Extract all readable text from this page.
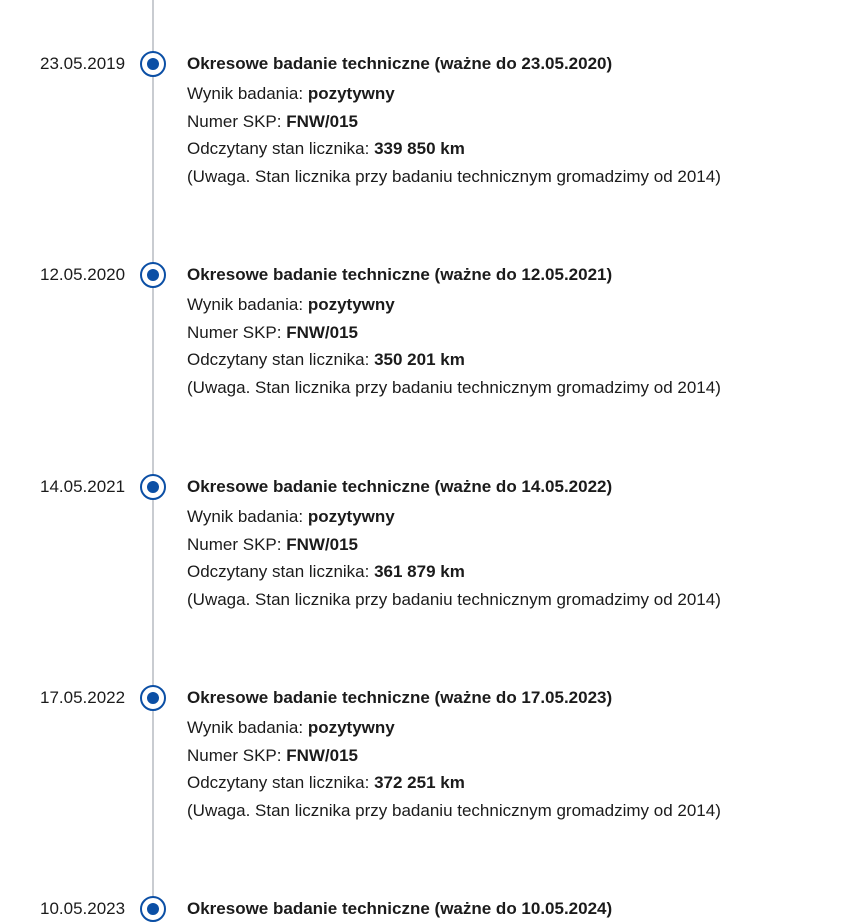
23.05.2019	Okresowe badanie techniczne (ważne do 23.05.2020)
Wynik badania: pozytywny
Numer SKP: FNW/015
Odczytany stan licznika: 339 850 km
(Uwaga. Stan licznika przy badaniu technicznym gromadzimy od 2014)
12.05.2020	Okresowe badanie techniczne (ważne do 12.05.2021)
Wynik badania: pozytywny
Numer SKP: FNW/015
Odczytany stan licznika: 350 201 km
(Uwaga. Stan licznika przy badaniu technicznym gromadzimy od 2014)
14.05.2021	Okresowe badanie techniczne (ważne do 14.05.2022)
Wynik badania: pozytywny
Numer SKP: FNW/015
Odczytany stan licznika: 361 879 km
(Uwaga. Stan licznika przy badaniu technicznym gromadzimy od 2014)
17.05.2022	Okresowe badanie techniczne (ważne do 17.05.2023)
Wynik badania: pozytywny
Numer SKP: FNW/015
Odczytany stan licznika: 372 251 km
(Uwaga. Stan licznika przy badaniu technicznym gromadzimy od 2014)
10.05.2023	Okresowe badanie techniczne (ważne do 10.05.2024)
